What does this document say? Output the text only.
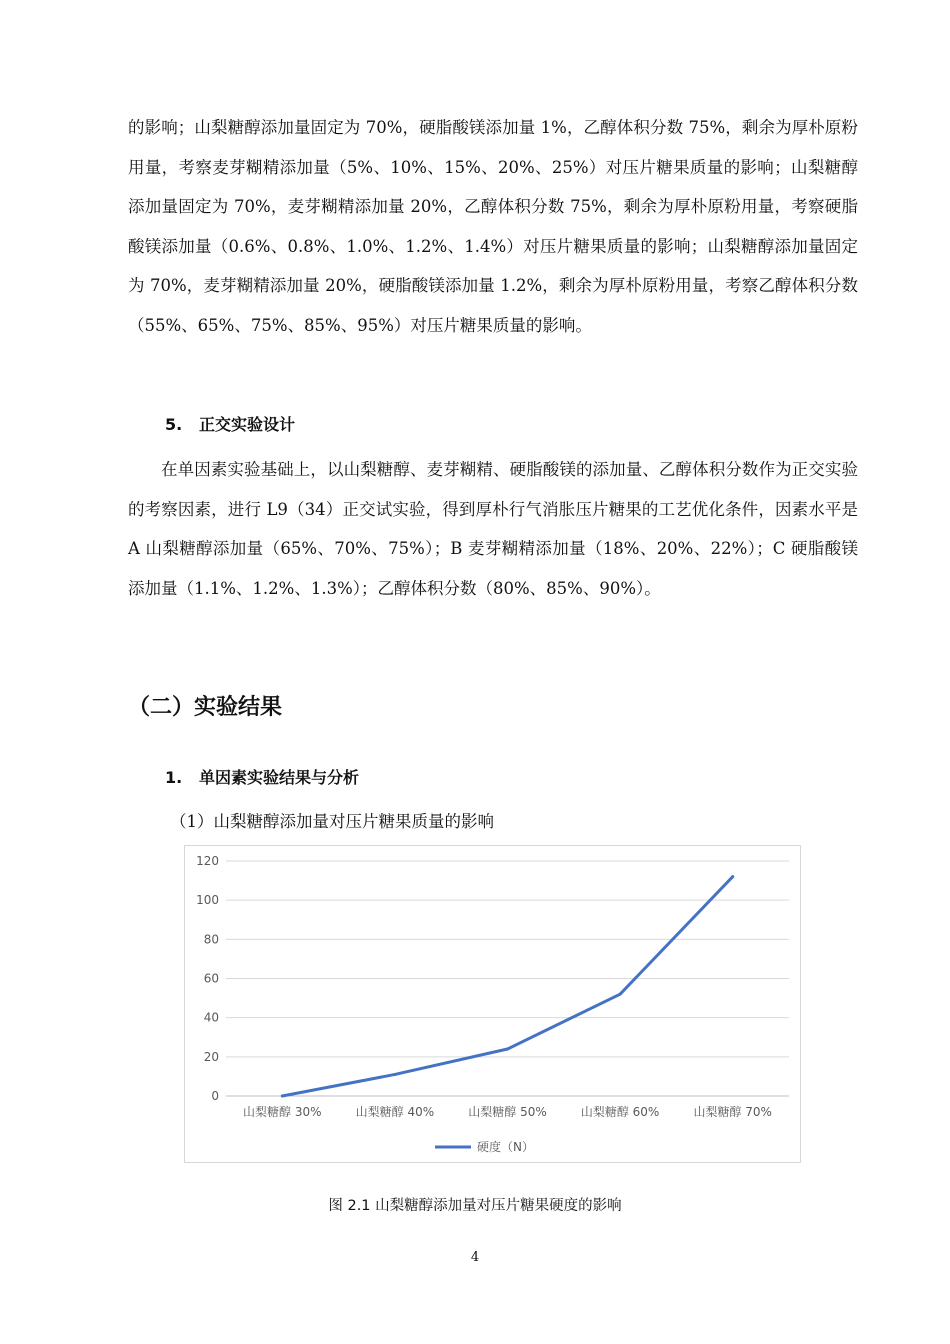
的影响；山梨糖醇添加量固定为 70%，硬脂酸镁添加量 1%，乙醇体积分数 75%，剩余为厚朴原粉用量，考察麦芽糊精添加量（5%、10%、15%、20%、25%）对压片糖果质量的影响；山梨糖醇添加量固定为 70%，麦芽糊精添加量 20%，乙醇体积分数 75%，剩余为厚朴原粉用量，考察硬脂酸镁添加量（0.6%、0.8%、1.0%、1.2%、1.4%）对压片糖果质量的影响；山梨糖醇添加量固定为 70%，麦芽糊精添加量 20%，硬脂酸镁添加量 1.2%，剩余为厚朴原粉用量，考察乙醇体积分数（55%、65%、75%、85%、95%）对压片糖果质量的影响。
5. 正交实验设计
在单因素实验基础上，以山梨糖醇、麦芽糊精、硬脂酸镁的添加量、乙醇体积分数作为正交实验的考察因素，进行 L9（34）正交试实验，得到厚朴行气消胀压片糖果的工艺优化条件，因素水平是 A 山梨糖醇添加量（65%、70%、75%）；B 麦芽糊精添加量（18%、20%、22%）；C 硬脂酸镁添加量（1.1%、1.2%、1.3%）；乙醇体积分数（80%、85%、90%）。
（二）实验结果
1. 单因素实验结果与分析
（1）山梨糖醇添加量对压片糖果质量的影响
0
20
40
60
80
100
120
山梨糖醇 30%	山梨糖醇 40%	山梨糖醇 50%	山梨糖醇 60%	山梨糖醇 70%
硬度（N）
图 2.1 山梨糖醇添加量对压片糖果硬度的影响
4
